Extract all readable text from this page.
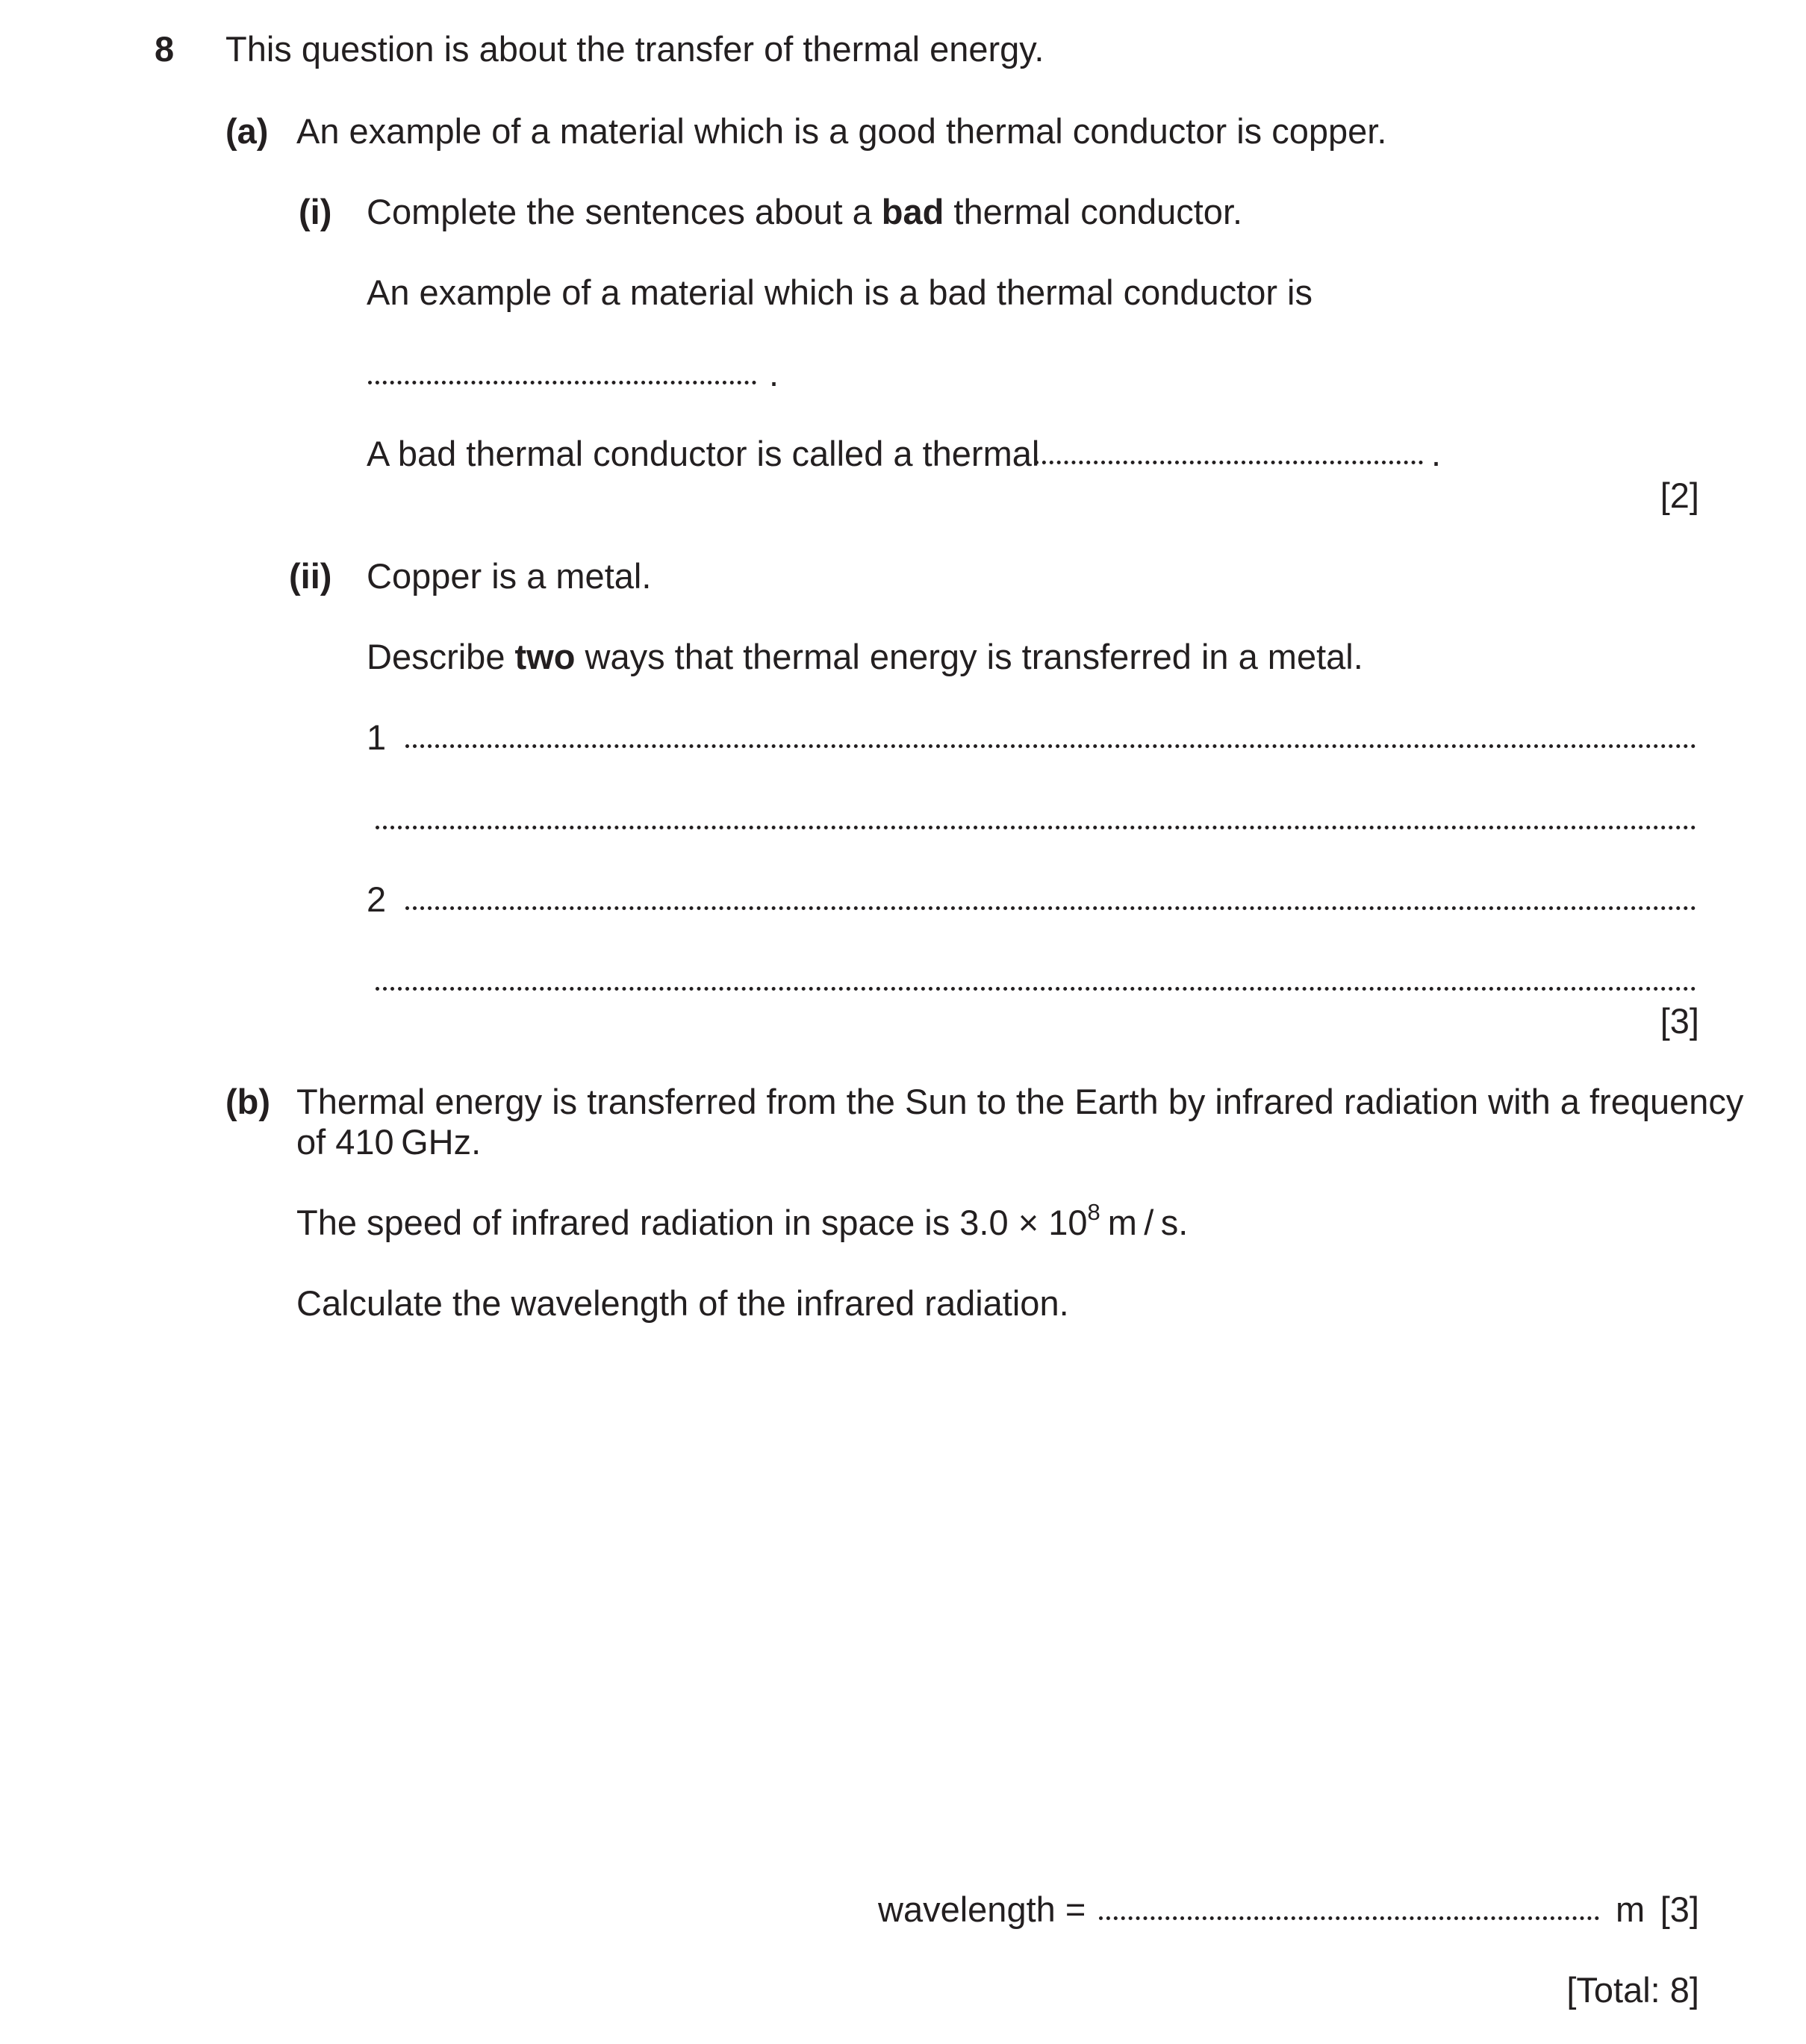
8 This question is about the transfer of thermal energy.
(a) An example of a material which is a good thermal conductor is copper.
(i) Complete the sentences about a bad thermal conductor.
An example of a material which is a bad thermal conductor is
.
A bad thermal conductor is called a thermal	.
[2]
(ii) Copper is a metal.
Describe two ways that thermal energy is transferred in a metal.
1
2
[3]
(b) Thermal energy is transferred from the Sun to the Earth by infrared radiation with a frequency
of 410 GHz.
The speed of infrared radiation in space is $3.0 \times 10^8$ m / s.
Calculate the wavelength of the infrared radiation.
wavelength =	m [3]
[Total: 8]
